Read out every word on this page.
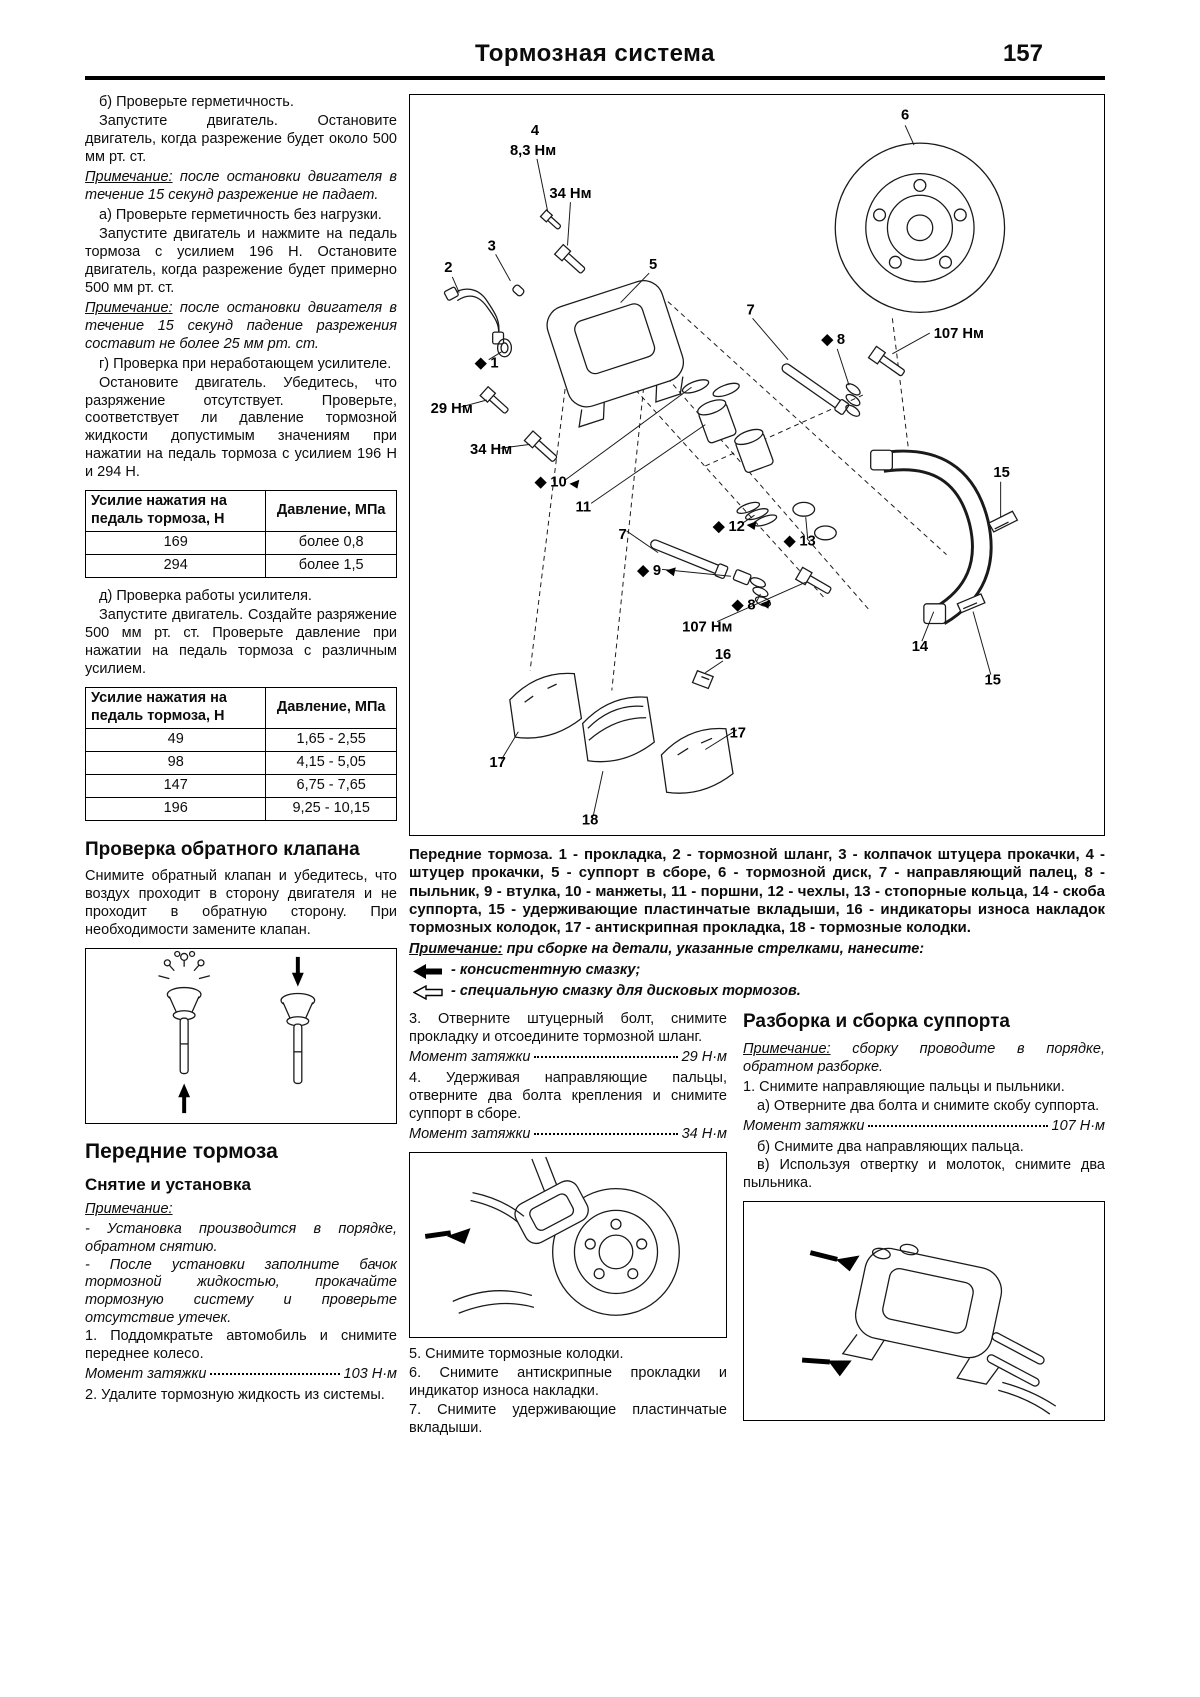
Тормозная система	157

б) Проверьте герметичность.

Запустите двигатель. Остановите двигатель, когда разрежение будет около 500 мм рт. ст.

Примечание: после остановки двигателя в течение 15 секунд разрежение не падает.

а) Проверьте герметичность без нагрузки.

Запустите двигатель и нажмите на педаль тормоза с усилием 196 Н. Остановите двигатель, когда разрежение будет примерно 500 мм рт. ст.

Примечание: после остановки двигателя в течение 15 секунд падение разрежения составит не более 25 мм рт. ст.

г) Проверка при неработающем усилителе.

Остановите двигатель. Убедитесь, что разряжение отсутствует. Проверьте, соответствует ли давление тормозной жидкости допустимым значениям при нажатии на педаль тормоза с усилием 196 Н и 294 Н.

Усилие нажатия на педаль тормоза, Н	Давление, МПа
169	более 0,8
294	более 1,5

д) Проверка работы усилителя.

Запустите двигатель. Создайте разряжение 500 мм рт. ст. Проверьте давление при нажатии на педаль тормоза с различным усилием.

Усилие нажатия на педаль тормоза, Н	Давление, МПа
49	1,65 - 2,55
98	4,15 - 5,05
147	6,75 - 7,65
196	9,25 - 10,15
Проверка обратного клапана

Снимите обратный клапан и убедитесь, что воздух проходит в сторону двигателя и не проходит в обратную сторону. При необходимости замените клапан.

Передние тормоза
Снятие и установка

Примечание:

- Установка производится в порядке, обратном снятию.

- После установки заполните бачок тормозной жидкостью, прокачайте тормозную систему и проверьте отсутствие утечек.

1. Поддомкратьте автомобиль и снимите переднее колесо.

Момент затяжки	103 Н·м

2. Удалите тормозную жидкость из системы.

6
4
8,3 Нм
34 Нм
3
2	5
7
◆ 8	107 Нм
◆ 1
29 Нм
34 Нм
◆ 10
11
7	◆ 12
◆ 13
◆ 9
◆ 8
107 Нм
15
14
15
16
17
18
17

Передние тормоза. 1 - прокладка, 2 - тормозной шланг, 3 - колпачок штуцера прокачки, 4 - штуцер прокачки, 5 - суппорт в сборе, 6 - тормозной диск, 7 - направляющий палец, 8 - пыльник, 9 - втулка, 10 - манжеты, 11 - поршни, 12 - чехлы, 13 - стопорные кольца, 14 - скоба суппорта, 15 - удерживающие пластинчатые вкладыши, 16 - индикаторы износа накладок тормозных колодок, 17 - антискрипная прокладка, 18 - тормозные колодки.

Примечание: при сборке на детали, указанные стрелками, нанесите:

- консистентную смазку;
- специальную смазку для дисковых тормозов.

3. Отверните штуцерный болт, снимите прокладку и отсоедините тормозной шланг.

Момент затяжки	29 Н·м

4. Удерживая направляющие пальцы, отверните два болта крепления и снимите суппорт в сборе.

Момент затяжки	34 Н·м

5. Снимите тормозные колодки.

6. Снимите антискрипные прокладки и индикатор износа накладки.

7. Снимите удерживающие пластинчатые вкладыши.

Разборка и сборка суппорта

Примечание: сборку проводите в порядке, обратном разборке.

1. Снимите направляющие пальцы и пыльники.

а) Отверните два болта и снимите скобу суппорта.

Момент затяжки	107 Н·м

б) Снимите два направляющих пальца.

в) Используя отвертку и молоток, снимите два пыльника.
